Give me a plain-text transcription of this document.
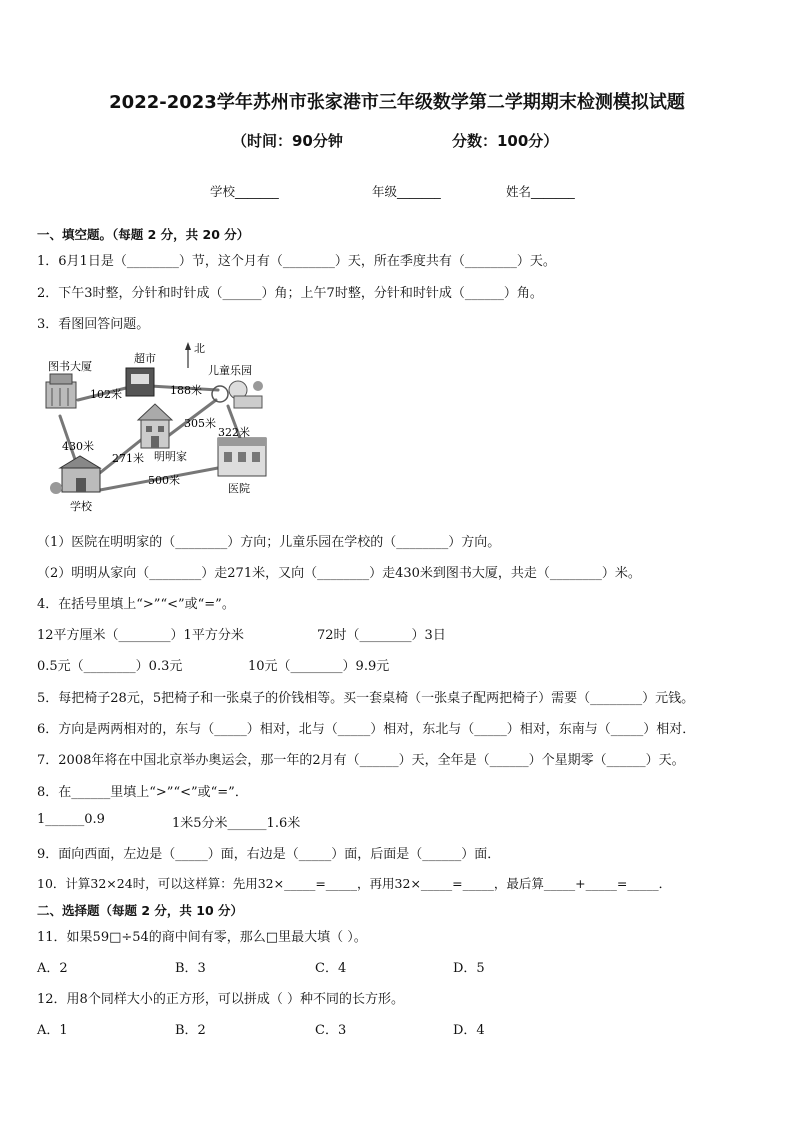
2022-2023学年苏州市张家港市三年级数学第二学期期末检测模拟试题
（时间：90分钟	分数：100分）
学校_______	年级_______	姓名_______
一、填空题。（每题 2 分，共 20 分）
1．6月1日是（________）节，这个月有（________）天，所在季度共有（________）天。
2．下午3时整，分针和时针成（______）角；上午7时整，分针和时针成（______）角。
3．看图回答问题。
图书大厦
超市
北
儿童乐园
明明家
医院
学校
102米	188米
305米
322米
430米
271米
500米
（1）医院在明明家的（________）方向；儿童乐园在学校的（________）方向。
（2）明明从家向（________）走271米，又向（________）走430米到图书大厦，共走（________）米。
4．在括号里填上“>”“<”或“=”。
12平方厘米（________）1平方分米	72时（________）3日
0.5元（________）0.3元	10元（________）9.9元
5．每把椅子28元，5把椅子和一张桌子的价钱相等。买一套桌椅（一张桌子配两把椅子）需要（________）元钱。
6．方向是两两相对的，东与（_____）相对，北与（_____）相对，东北与（_____）相对，东南与（_____）相对．
7．2008年将在中国北京举办奥运会，那一年的2月有（______）天，全年是（______）个星期零（______）天。
8．在______里填上“>”“<”或“=”．
1______0.9	1米5分米______1.6米
9．面向西面，左边是（_____）面，右边是（_____）面，后面是（______）面．
10．计算32×24时，可以这样算：先用32×_____=_____，再用32×_____=_____，最后算_____+_____=_____．
二、选择题（每题 2 分，共 10 分）
11．如果59□÷54的商中间有零，那么□里最大填（ ）。
A．2	B．3	C．4	D．5
12．用8个同样大小的正方形，可以拼成（ ）种不同的长方形。
A．1	B．2	C．3	D．4
